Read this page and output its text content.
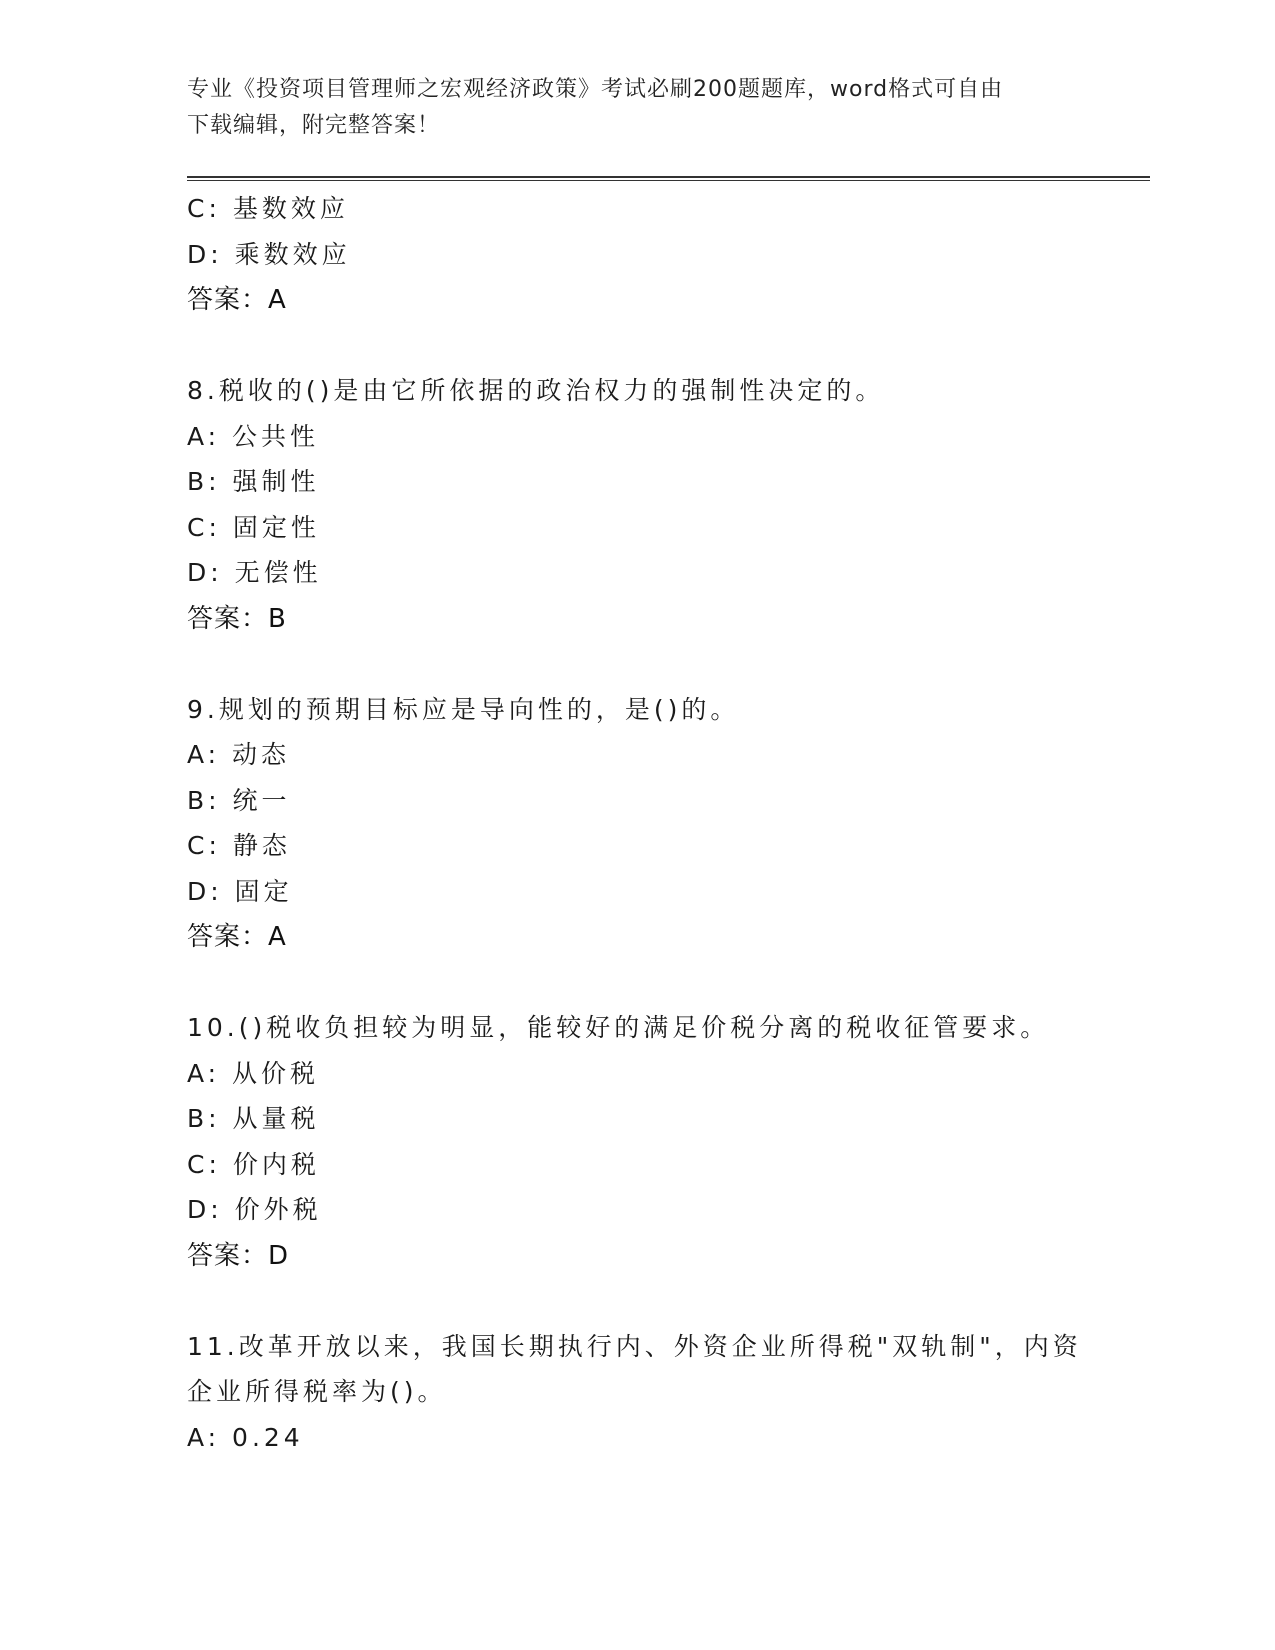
专业《投资项目管理师之宏观经济政策》考试必刷200题题库，word格式可自由
下载编辑，附完整答案！
C: 基数效应
D: 乘数效应
答案：A
8.税收的()是由它所依据的政治权力的强制性决定的。
A: 公共性
B: 强制性
C: 固定性
D: 无偿性
答案：B
9.规划的预期目标应是导向性的，是()的。
A: 动态
B: 统一
C: 静态
D: 固定
答案：A
10.()税收负担较为明显，能较好的满足价税分离的税收征管要求。
A: 从价税
B: 从量税
C: 价内税
D: 价外税
答案：D
11.改革开放以来，我国长期执行内、外资企业所得税"双轨制"，内资
企业所得税率为()。
A: 0.24
